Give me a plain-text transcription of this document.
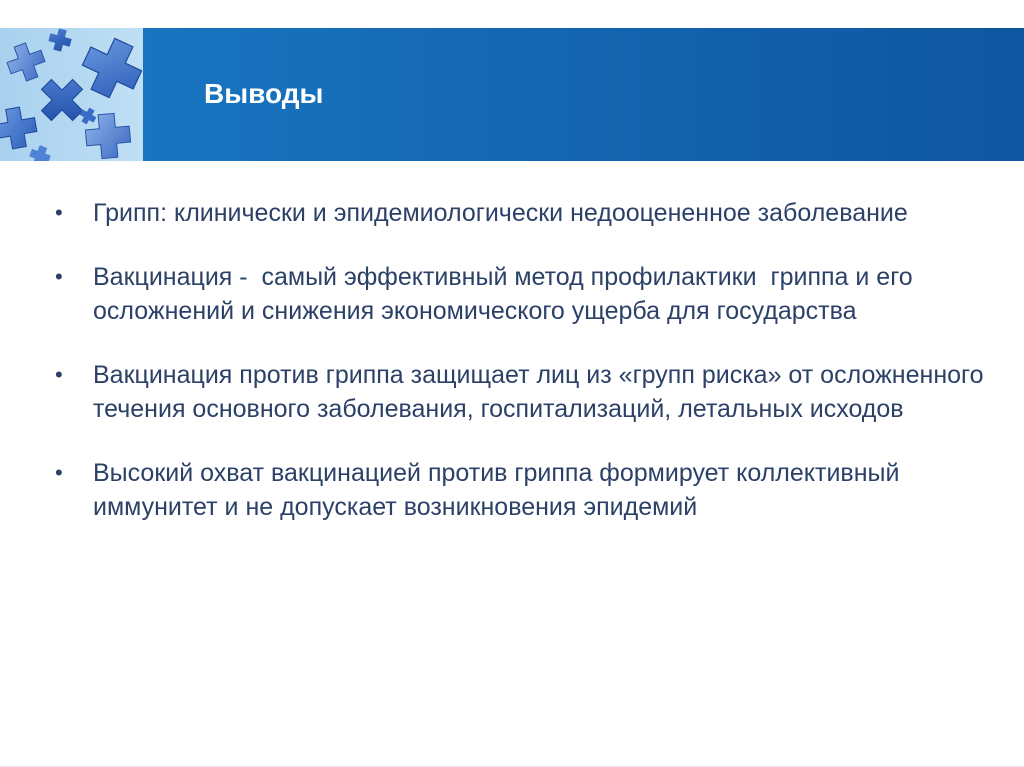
Выводы
•	Грипп: клинически и эпидемиологически недооцененное заболевание
•	Вакцинация -  самый эффективный метод профилактики  гриппа и его осложнений и снижения экономического ущерба для государства
•	Вакцинация против гриппа защищает лиц из «групп риска» от осложненного течения основного заболевания, госпитализаций, летальных исходов
•	Высокий охват вакцинацией против гриппа формирует коллективный иммунитет и не допускает возникновения эпидемий
